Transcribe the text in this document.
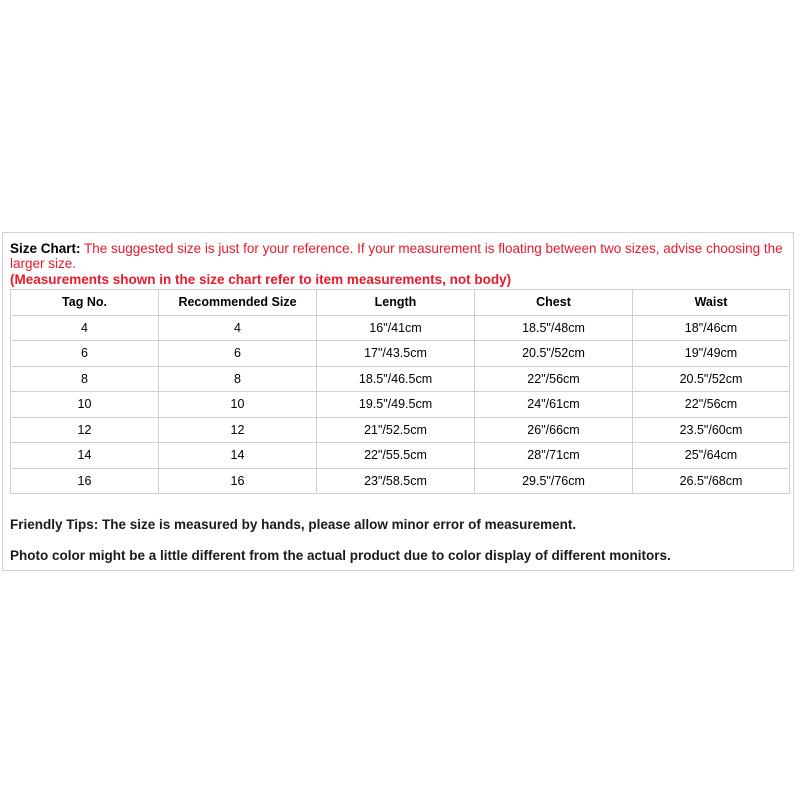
Size Chart: The suggested size is just for your reference. If your measurement is floating between two sizes, advise choosing the larger size.
(Measurements shown in the size chart refer to item measurements, not body)
Tag No.	Recommended Size	Length	Chest	Waist
4	4	16"/41cm	18.5"/48cm	18"/46cm
6	6	17"/43.5cm	20.5"/52cm	19"/49cm
8	8	18.5"/46.5cm	22"/56cm	20.5"/52cm
10	10	19.5"/49.5cm	24"/61cm	22"/56cm
12	12	21"/52.5cm	26"/66cm	23.5"/60cm
14	14	22"/55.5cm	28"/71cm	25"/64cm
16	16	23"/58.5cm	29.5"/76cm	26.5"/68cm
Friendly Tips: The size is measured by hands, please allow minor error of measurement.
Photo color might be a little different from the actual product due to color display of different monitors.
